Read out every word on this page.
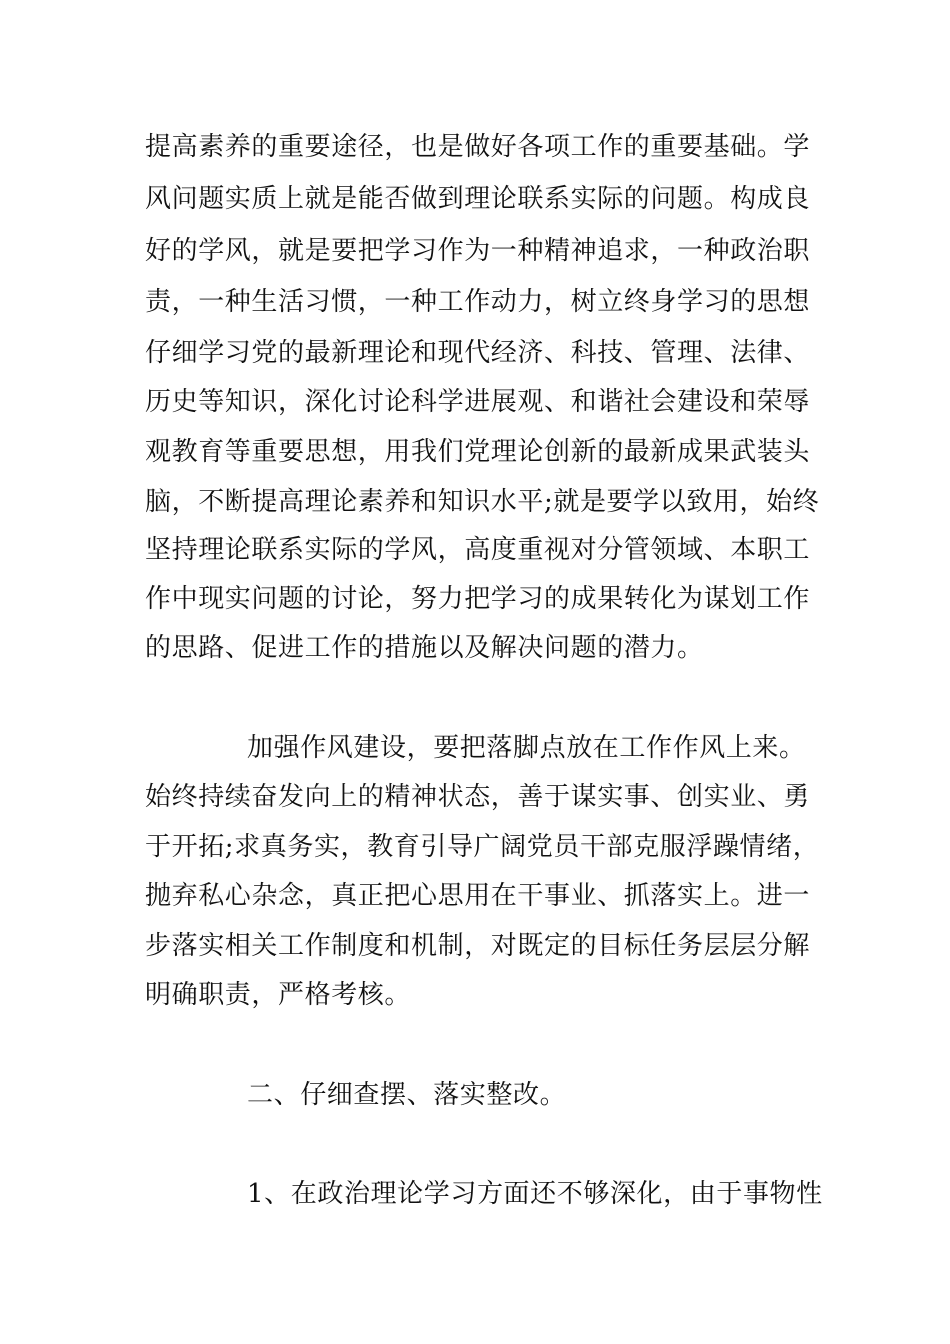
提高素养的重要途径，也是做好各项工作的重要基础。学
风问题实质上就是能否做到理论联系实际的问题。构成良
好的学风，就是要把学习作为一种精神追求，一种政治职
责，一种生活习惯，一种工作动力，树立终身学习的思想
仔细学习党的最新理论和现代经济、科技、管理、法律、
历史等知识，深化讨论科学进展观、和谐社会建设和荣辱
观教育等重要思想，用我们党理论创新的最新成果武装头
脑，不断提高理论素养和知识水平;就是要学以致用，始终
坚持理论联系实际的学风，高度重视对分管领域、本职工
作中现实问题的讨论，努力把学习的成果转化为谋划工作
的思路、促进工作的措施以及解决问题的潜力。
加强作风建设，要把落脚点放在工作作风上来。
始终持续奋发向上的精神状态，善于谋实事、创实业、勇
于开拓;求真务实，教育引导广阔党员干部克服浮躁情绪，
抛弃私心杂念，真正把心思用在干事业、抓落实上。进一
步落实相关工作制度和机制，对既定的目标任务层层分解
明确职责，严格考核。
二、仔细查摆、落实整改。
1、在政治理论学习方面还不够深化，由于事物性
